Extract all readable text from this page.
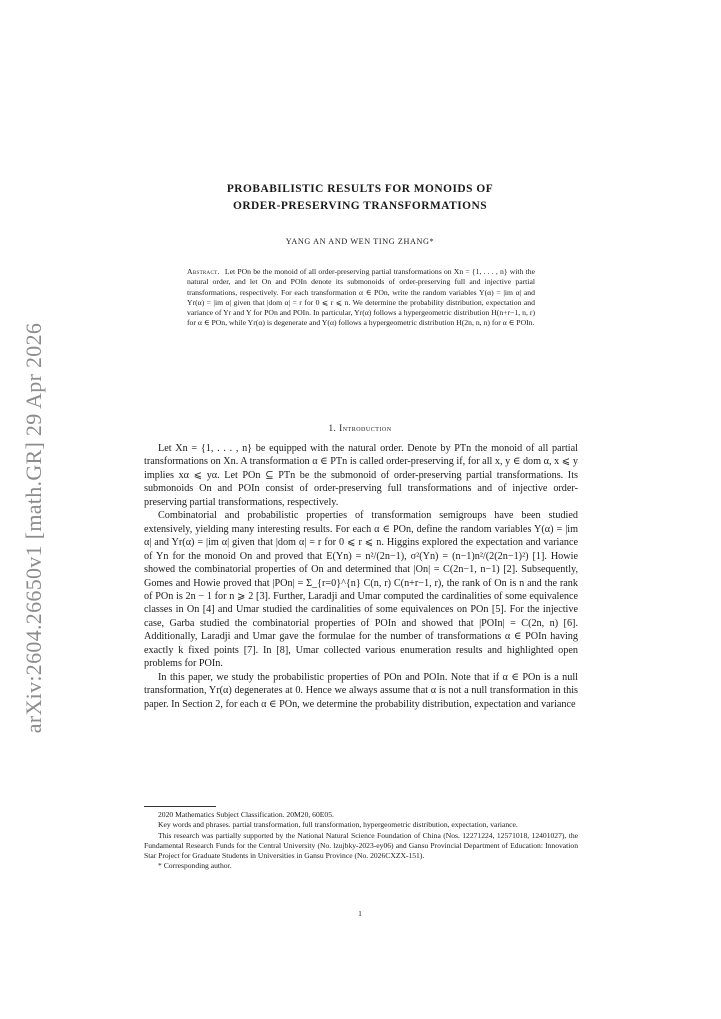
arXiv:2604.26650v1 [math.GR] 29 Apr 2026
PROBABILISTIC RESULTS FOR MONOIDS OF
ORDER-PRESERVING TRANSFORMATIONS
YANG AN AND WEN TING ZHANG*
Abstract. Let POn be the monoid of all order-preserving partial transformations on Xn = {1, . . . , n} with the natural order, and let On and POIn denote its submonoids of order-preserving full and injective partial transformations, respectively. For each transformation α ∈ POn, write the random variables Y(α) = |im α| and Yr(α) = |im α| given that |dom α| = r for 0 ⩽ r ⩽ n. We determine the probability distribution, expectation and variance of Yr and Y for POn and POIn. In particular, Yr(α) follows a hypergeometric distribution H(n+r−1, n, r) for α ∈ POn, while Yr(α) is degenerate and Y(α) follows a hypergeometric distribution H(2n, n, n) for α ∈ POIn.
1. Introduction

Let Xn = {1, . . . , n} be equipped with the natural order. Denote by PTn the monoid of all partial transformations on Xn. A transformation α ∈ PTn is called order-preserving if, for all x, y ∈ dom α, x ⩽ y implies xα ⩽ yα. Let POn ⊆ PTn be the submonoid of order-preserving partial transformations. Its submonoids On and POIn consist of order-preserving full transformations and of injective order-preserving partial transformations, respectively.

Combinatorial and probabilistic properties of transformation semigroups have been studied extensively, yielding many interesting results. For each α ∈ POn, define the random variables Y(α) = |im α| and Yr(α) = |im α| given that |dom α| = r for 0 ⩽ r ⩽ n. Higgins explored the expectation and variance of Yn for the monoid On and proved that E(Yn) = n²/(2n−1), σ²(Yn) = (n−1)n²/(2(2n−1)²) [1]. Howie showed the combinatorial properties of On and determined that |On| = C(2n−1, n−1) [2]. Subsequently, Gomes and Howie proved that |POn| = Σ_{r=0}^{n} C(n, r) C(n+r−1, r), the rank of On is n and the rank of POn is 2n − 1 for n ⩾ 2 [3]. Further, Laradji and Umar computed the cardinalities of some equivalence classes in On [4] and Umar studied the cardinalities of some equivalences on POn [5]. For the injective case, Garba studied the combinatorial properties of POIn and showed that |POIn| = C(2n, n) [6]. Additionally, Laradji and Umar gave the formulae for the number of transformations α ∈ POIn having exactly k fixed points [7]. In [8], Umar collected various enumeration results and highlighted open problems for POIn.

In this paper, we study the probabilistic properties of POn and POIn. Note that if α ∈ POn is a null transformation, Yr(α) degenerates at 0. Hence we always assume that α is not a null transformation in this paper. In Section 2, for each α ∈ POn, we determine the probability distribution, expectation and variance

2020 Mathematics Subject Classification. 20M20, 60E05.

Key words and phrases. partial transformation, full transformation, hypergeometric distribution, expectation, variance.

This research was partially supported by the National Natural Science Foundation of China (Nos. 12271224, 12571018, 12401027), the Fundamental Research Funds for the Central University (No. lzujbky-2023-ey06) and Gansu Provincial Department of Education: Innovation Star Project for Graduate Students in Universities in Gansu Province (No. 2026CXZX-151).

* Corresponding author.

1
